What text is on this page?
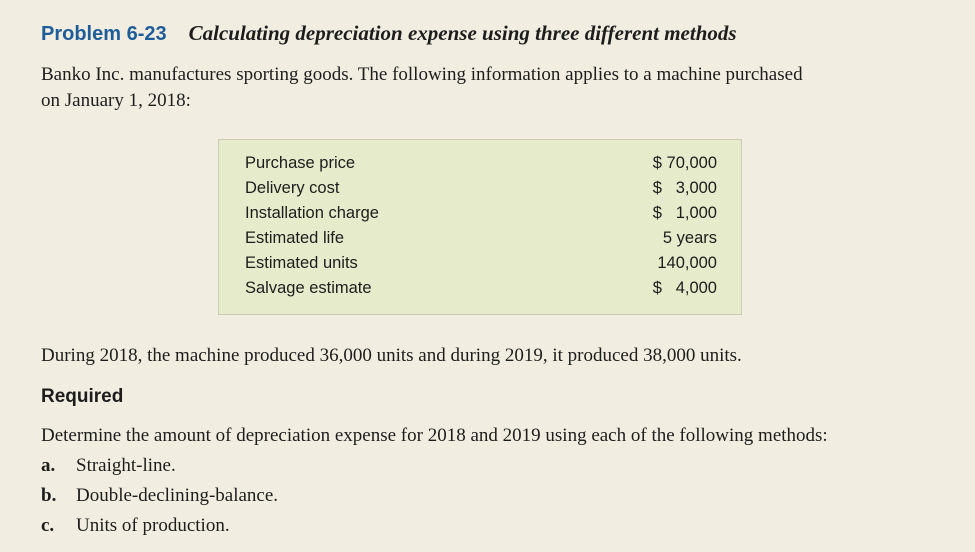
Problem 6-23 Calculating depreciation expense using three different methods
Banko Inc. manufactures sporting goods. The following information applies to a machine purchased
on January 1, 2018:
Purchase price	$ 70,000
Delivery cost	$   3,000
Installation charge	$   1,000
Estimated life	5 years
Estimated units	140,000
Salvage estimate	$   4,000
During 2018, the machine produced 36,000 units and during 2019, it produced 38,000 units.
Required
Determine the amount of depreciation expense for 2018 and 2019 using each of the following methods:
a. Straight-line.
b. Double-declining-balance.
c. Units of production.
